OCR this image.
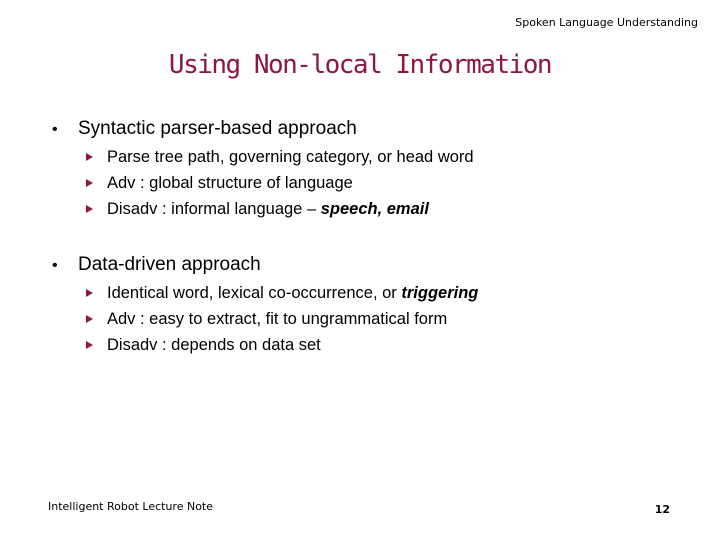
Spoken Language Understanding
Using Non-local Information
•	Syntactic parser-based approach
Parse tree path, governing category, or head word
Adv : global structure of language
Disadv : informal language –
speech, email
•	Data-driven approach
Identical word, lexical co-occurrence, or
triggering
Adv : easy to extract, fit to ungrammatical form
Disadv : depends on data set
Intelligent Robot Lecture Note	12
